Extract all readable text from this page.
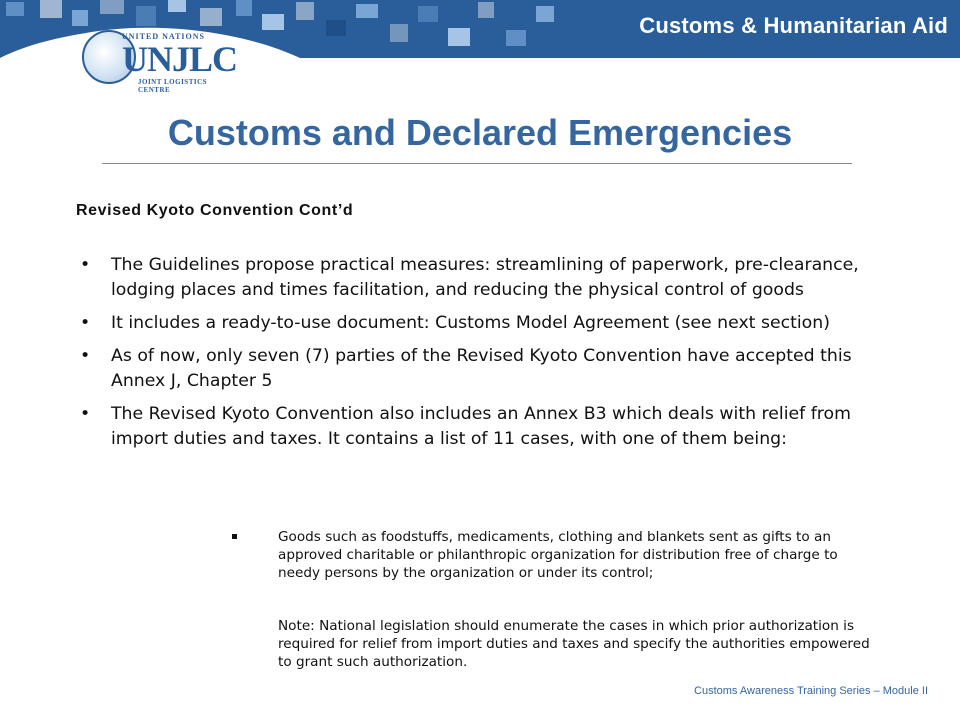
Customs & Humanitarian Aid
UNITED NATIONS
UNJLC
JOINT LOGISTICS CENTRE
Customs and Declared Emergencies
Revised Kyoto Convention Cont’d
• The Guidelines propose practical measures: streamlining of paperwork, pre-clearance, lodging places and times facilitation, and reducing the physical control of goods
• It includes a ready-to-use document: Customs Model Agreement (see next section)
• As of now, only seven (7) parties of the Revised Kyoto Convention have accepted this Annex J, Chapter 5
• The Revised Kyoto Convention also includes an Annex B3 which deals with relief from import duties and taxes. It contains a list of 11 cases, with one of them being:
Goods such as foodstuffs, medicaments, clothing and blankets sent as gifts to an approved charitable or philanthropic organization for distribution free of charge to needy persons by the organization or under its control;
Note: National legislation should enumerate the cases in which prior authorization is required for relief from import duties and taxes and specify the authorities empowered to grant such authorization.
Customs Awareness Training Series – Module II
